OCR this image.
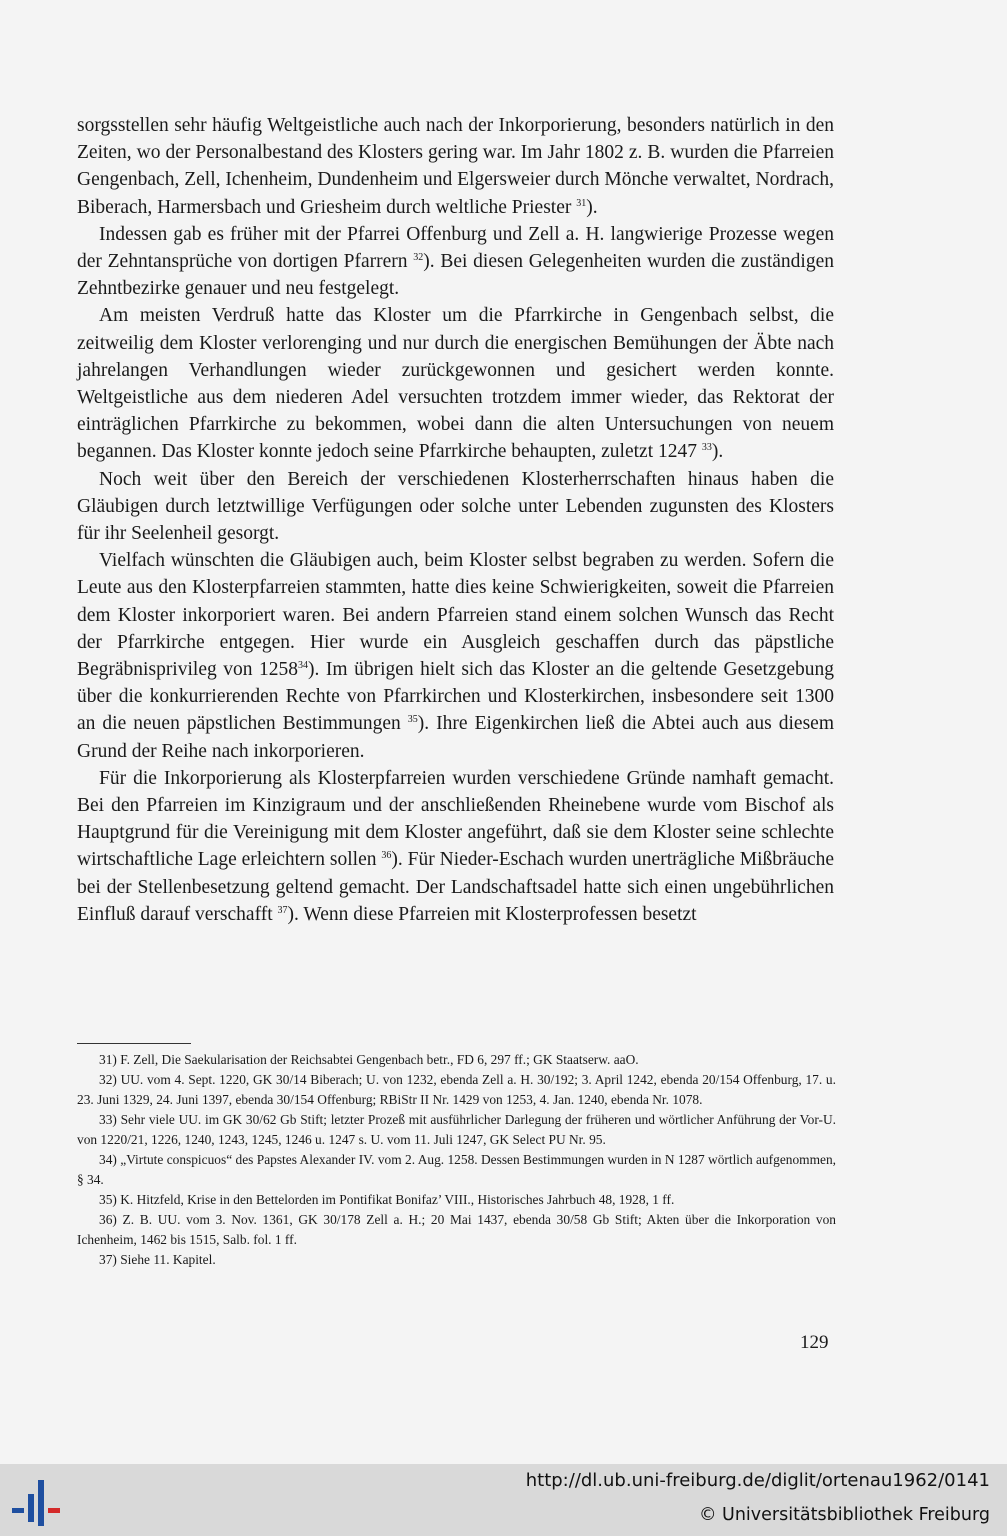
sorgsstellen sehr häufig Weltgeistliche auch nach der Inkorporierung, besonders natürlich in den Zeiten, wo der Personalbestand des Klosters gering war. Im Jahr 1802 z. B. wurden die Pfarreien Gengenbach, Zell, Ichenheim, Dundenheim und Elgersweier durch Mönche verwaltet, Nordrach, Biberach, Harmersbach und Griesheim durch weltliche Priester $^{31}$).

Indessen gab es früher mit der Pfarrei Offenburg und Zell a. H. langwierige Prozesse wegen der Zehntansprüche von dortigen Pfarrern $^{32}$). Bei diesen Gelegenheiten wurden die zuständigen Zehntbezirke genauer und neu festgelegt.

Am meisten Verdruß hatte das Kloster um die Pfarrkirche in Gengenbach selbst, die zeitweilig dem Kloster verlorenging und nur durch die energischen Bemühungen der Äbte nach jahrelangen Verhandlungen wieder zurückgewonnen und gesichert werden konnte. Weltgeistliche aus dem niederen Adel versuchten trotzdem immer wieder, das Rektorat der einträglichen Pfarrkirche zu bekommen, wobei dann die alten Untersuchungen von neuem begannen. Das Kloster konnte jedoch seine Pfarrkirche behaupten, zuletzt 1247 $^{33}$).

Noch weit über den Bereich der verschiedenen Klosterherrschaften hinaus haben die Gläubigen durch letztwillige Verfügungen oder solche unter Lebenden zugunsten des Klosters für ihr Seelenheil gesorgt.

Vielfach wünschten die Gläubigen auch, beim Kloster selbst begraben zu werden. Sofern die Leute aus den Klosterpfarreien stammten, hatte dies keine Schwierigkeiten, soweit die Pfarreien dem Kloster inkorporiert waren. Bei andern Pfarreien stand einem solchen Wunsch das Recht der Pfarrkirche entgegen. Hier wurde ein Ausgleich geschaffen durch das päpstliche Begräbnisprivileg von 1258$^{34}$). Im übrigen hielt sich das Kloster an die geltende Gesetzgebung über die konkurrierenden Rechte von Pfarrkirchen und Klosterkirchen, insbesondere seit 1300 an die neuen päpstlichen Bestimmungen $^{35}$). Ihre Eigenkirchen ließ die Abtei auch aus diesem Grund der Reihe nach inkorporieren.

Für die Inkorporierung als Klosterpfarreien wurden verschiedene Gründe namhaft gemacht. Bei den Pfarreien im Kinzigraum und der anschließenden Rheinebene wurde vom Bischof als Hauptgrund für die Vereinigung mit dem Kloster angeführt, daß sie dem Kloster seine schlechte wirtschaftliche Lage erleichtern sollen $^{36}$). Für Nieder-Eschach wurden unerträgliche Mißbräuche bei der Stellenbesetzung geltend gemacht. Der Landschaftsadel hatte sich einen ungebührlichen Einfluß darauf verschafft $^{37}$). Wenn diese Pfarreien mit Klosterprofessen besetzt

31) F. Zell, Die Saekularisation der Reichsabtei Gengenbach betr., FD 6, 297 ff.; GK Staatserw. aaO.

32) UU. vom 4. Sept. 1220, GK 30/14 Biberach; U. von 1232, ebenda Zell a. H. 30/192; 3. April 1242, ebenda 20/154 Offenburg, 17. u. 23. Juni 1329, 24. Juni 1397, ebenda 30/154 Offenburg; RBiStr II Nr. 1429 von 1253, 4. Jan. 1240, ebenda Nr. 1078.

33) Sehr viele UU. im GK 30/62 Gb Stift; letzter Prozeß mit ausführlicher Darlegung der früheren und wörtlicher Anführung der Vor-U. von 1220/21, 1226, 1240, 1243, 1245, 1246 u. 1247 s. U. vom 11. Juli 1247, GK Select PU Nr. 95.

34) „Virtute conspicuos“ des Papstes Alexander IV. vom 2. Aug. 1258. Dessen Bestimmungen wurden in N 1287 wörtlich aufgenommen, § 34.

35) K. Hitzfeld, Krise in den Bettelorden im Pontifikat Bonifaz’ VIII., Historisches Jahrbuch 48, 1928, 1 ff.

36) Z. B. UU. vom 3. Nov. 1361, GK 30/178 Zell a. H.; 20 Mai 1437, ebenda 30/58 Gb Stift; Akten über die Inkorporation von Ichenheim, 1462 bis 1515, Salb. fol. 1 ff.

37) Siehe 11. Kapitel.

129
http://dl.ub.uni-freiburg.de/diglit/ortenau1962/0141
© Universitätsbibliothek Freiburg
